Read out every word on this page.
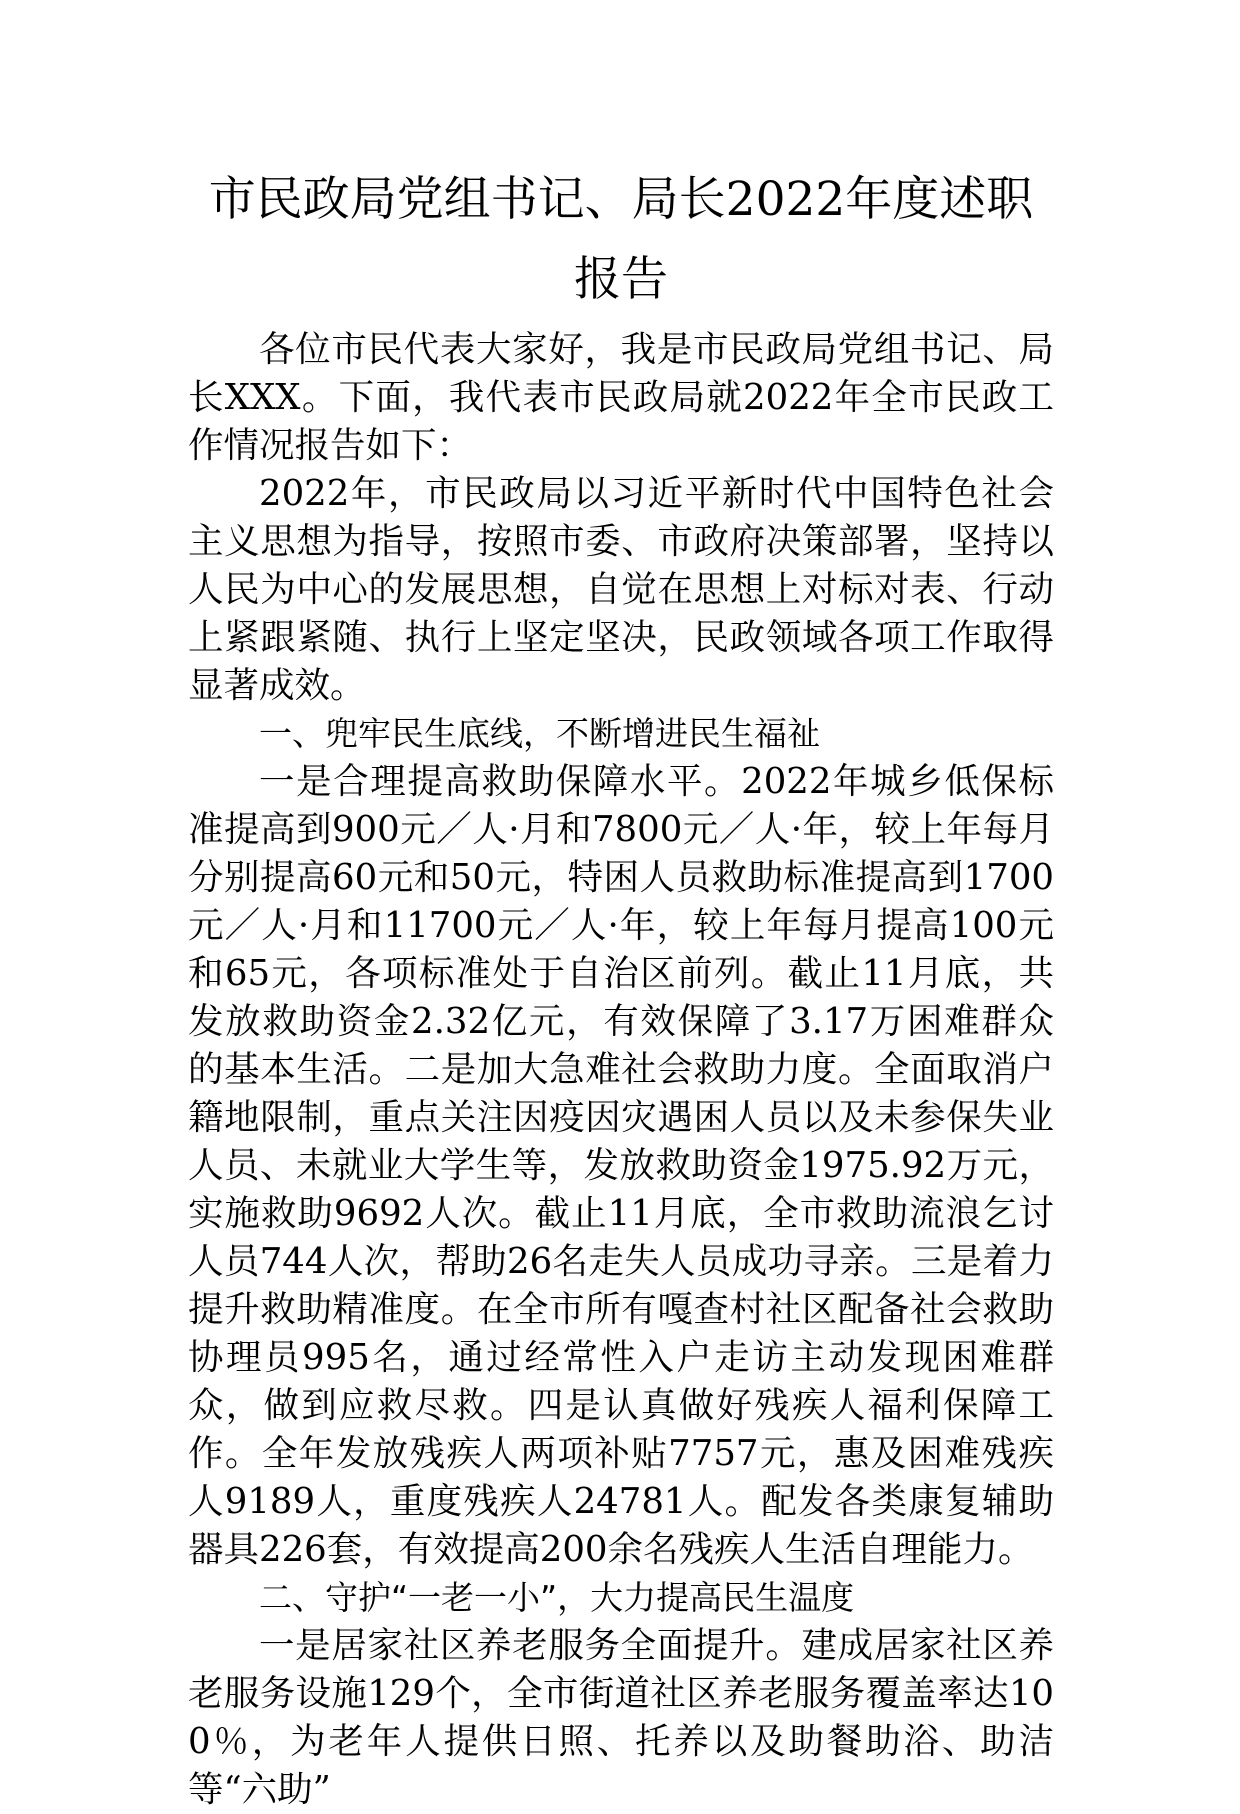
市民政局党组书记、局长2022年度述职报告

各位市民代表大家好，我是市民政局党组书记、局长XXX。下面，我代表市民政局就2022年全市民政工作情况报告如下：

2022年，市民政局以习近平新时代中国特色社会主义思想为指导，按照市委、市政府决策部署，坚持以人民为中心的发展思想，自觉在思想上对标对表、行动上紧跟紧随、执行上坚定坚决，民政领域各项工作取得显著成效。

一、兜牢民生底线，不断增进民生福祉

一是合理提高救助保障水平。2022年城乡低保标准提高到900元／人·月和7800元／人·年，较上年每月分别提高60元和50元，特困人员救助标准提高到1700元／人·月和11700元／人·年，较上年每月提高100元和65元，各项标准处于自治区前列。截止11月底，共发放救助资金2.32亿元，有效保障了3.17万困难群众的基本生活。二是加大急难社会救助力度。全面取消户籍地限制，重点关注因疫因灾遇困人员以及未参保失业人员、未就业大学生等，发放救助资金1975.92万元，实施救助9692人次。截止11月底，全市救助流浪乞讨人员744人次，帮助26名走失人员成功寻亲。三是着力提升救助精准度。在全市所有嘎查村社区配备社会救助协理员995名，通过经常性入户走访主动发现困难群众，做到应救尽救。四是认真做好残疾人福利保障工作。全年发放残疾人两项补贴7757元，惠及困难残疾人9189人，重度残疾人24781人。配发各类康复辅助器具226套，有效提高200余名残疾人生活自理能力。

二、守护“一老一小”，大力提高民生温度

一是居家社区养老服务全面提升。建成居家社区养老服务设施129个，全市街道社区养老服务覆盖率达100％，为老年人提供日照、托养以及助餐助浴、助洁等“六助”
